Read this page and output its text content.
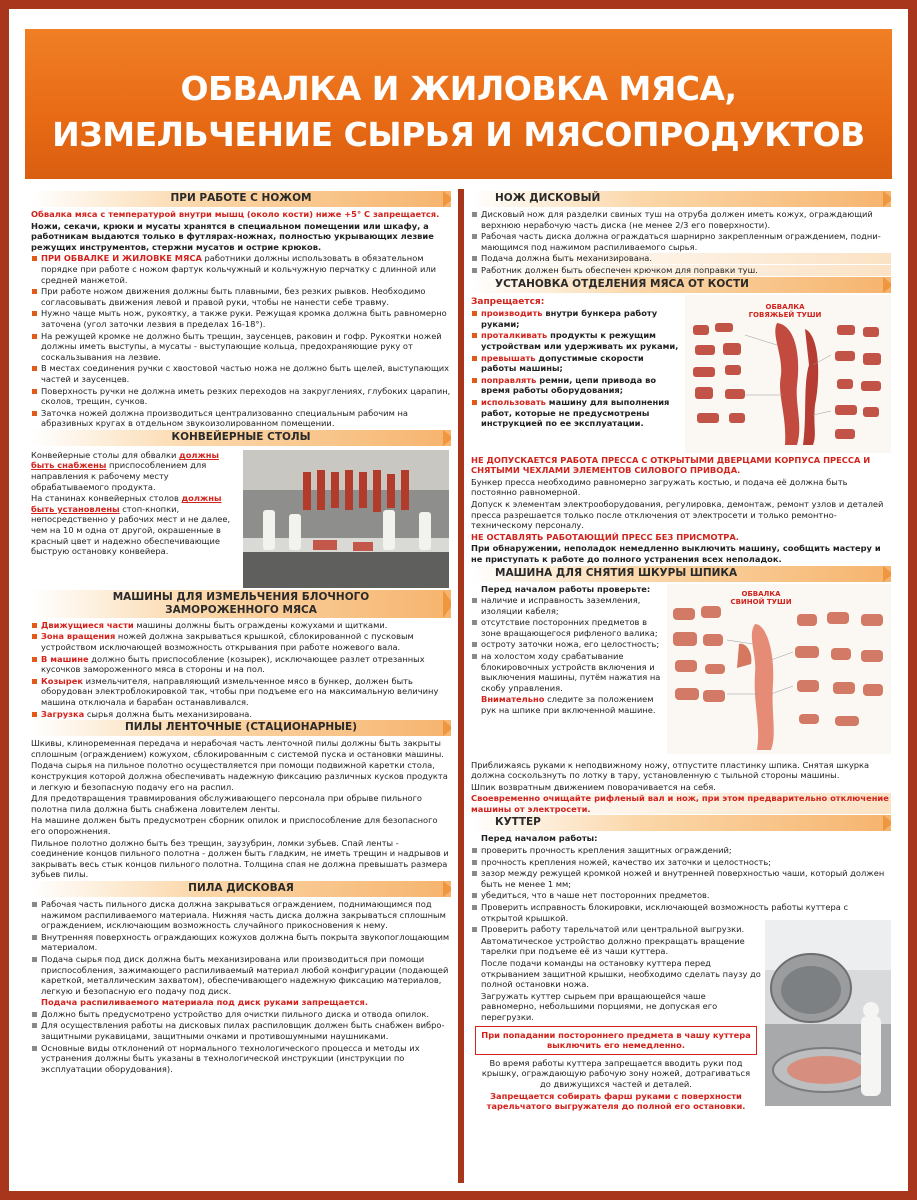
ОБВАЛКА И ЖИЛОВКА МЯСА,
ИЗМЕЛЬЧЕНИЕ СЫРЬЯ И МЯСОПРОДУКТОВ
ПРИ РАБОТЕ С НОЖОМ
Обвалка мяса с температурой внутри мышц (около кости) ниже +5° С запрещается.
Ножи, секачи, крюки и мусаты хранятся в специальном помещении или шкафу, а работникам выдаются только в футлярах-ножнах, полностью укрывающих лезвие режущих инструментов, стержни мусатов и острие крюков.
ПРИ ОБВАЛКЕ И ЖИЛОВКЕ МЯСА работники должны использовать в обязательном порядке при работе с ножом фартук кольчужный и кольчужную перчатку с длинной или средней манжетой.
При работе ножом движения должны быть плавными, без резких рывков. Необходимо согласовывать движения левой и правой руки, чтобы не нанести себе травму.
Нужно чаще мыть нож, рукоятку, а также руки. Режущая кромка должна быть равномерно заточена (угол заточки лезвия в пределах 16-18°).
На режущей кромке не должно быть трещин, заусенцев, раковин и гофр. Рукоятки ножей должны иметь выступы, а мусаты - выступающие кольца, предохраняющие руку от соскальзывания на лезвие.
В местах соединения ручки с хвостовой частью ножа не должно быть щелей, выступающих частей и заусенцев.
Поверхность ручки не должна иметь резких переходов на закруглениях, глубоких царапин, сколов, трещин, сучков.
Заточка ножей должна производиться централизованно специальным рабочим на абразивных кругах в отдельном звукоизолированном помещении.
КОНВЕЙЕРНЫЕ СТОЛЫ
Конвейерные столы для обвалки должны быть снабжены приспособлением для направления к рабочему месту обрабатываемого продукта.
На станинах конвейерных столов должны быть установлены стоп-кнопки, непосредственно у рабочих мест и не далее, чем на 10 м одна от другой, окрашенные в красный цвет и надежно обеспечивающие быструю остановку конвейера.
МАШИНЫ ДЛЯ ИЗМЕЛЬЧЕНИЯ БЛОЧНОГО
ЗАМОРОЖЕННОГО МЯСА
Движущиеся части машины должны быть ограждены кожухами и щитками.
Зона вращения ножей должна закрываться крышкой, сблокированной с пусковым устройством исключающей возможность открывания при работе ножевого вала.
В машине должно быть приспособление (козырек), исключающее разлет отрезанных кусочков замороженного мяса в стороны и на пол.
Козырек измельчителя, направляющий измельченное мясо в бункер, должен быть оборудован электроблокировкой так, чтобы при подъеме его на максимальную величину машина отключала и барабан останавливался.
Загрузка сырья должна быть механизирована.
ПИЛЫ ЛЕНТОЧНЫЕ (СТАЦИОНАРНЫЕ)
Шкивы, клиноременная передача и нерабочая часть ленточной пилы должны быть закрыты сплошным (ограждением) кожухом, сблокированным с системой пуска и остановки машины.
Подача сырья на пильное полотно осуществляется при помощи подвижной каретки стола, конструкция которой должна обеспечивать надежную фиксацию различных кусков продукта и легкую и безопасную подачу его на распил.
Для предотвращения травмирования обслуживающего персонала при обрыве пильного полотна пила должна быть снабжена ловителем ленты.
На машине должен быть предусмотрен сборник опилок и приспособление для безопасного его опорожнения.
Пильное полотно должно быть без трещин, заузубрин, ломки зубьев. Спай ленты - соединение концов пильного полотна - должен быть гладким, не иметь трещин и надрывов и закрывать весь стык концов пильного полотна. Толщина спая не должна превышать размера зубьев пилы.
ПИЛА ДИСКОВАЯ
Рабочая часть пильного диска должна закрываться ограждением, поднимающимся под нажимом распиливаемого материала. Нижняя часть диска должна закрываться сплошным ограждением, исключающим возможность случайного прикосновения к нему.
Внутренняя поверхность ограждающих кожухов должна быть покрыта звукопоглощающим материалом.
Подача сырья под диск должна быть механизирована или производиться при помощи приспособления, зажимающего распиливаемый материал любой конфигурации (подающей кареткой, металлическим захватом), обеспечивающего надежную фиксацию материалов, легкую и безопасную его подачу под диск.
Подача распиливаемого материала под диск руками запрещается.
Должно быть предусмотрено устройство для очистки пильного диска и отвода опилок.
Для осуществления работы на дисковых пилах распиловщик должен быть снабжен вибро-защитными рукавицами, защитными очками и противошумными наушниками.
Основные виды отклонений от нормального технологического процесса и методы их устранения должны быть указаны в технологической инструкции (инструкции по эксплуатации оборудования).
НОЖ ДИСКОВЫЙ
Дисковый нож для разделки свиных туш на отруба должен иметь кожух, ограждающий верхнюю нерабочую часть диска (не менее 2/3 его поверхности).
Рабочая часть диска должна ограждаться шарнирно закрепленным ограждением, подни-мающимся под нажимом распиливаемого сырья.
Подача должна быть механизирована.
Работник должен быть обеспечен крючком для поправки туш.
УСТАНОВКА ОТДЕЛЕНИЯ МЯСА ОТ КОСТИ
Запрещается:
производить внутри бункера работу руками;
проталкивать продукты к режущим устройствам или удерживать их руками,
превышать допустимые скорости работы машины;
поправлять ремни, цепи привода во время работы оборудования;
использовать машину для выполнения работ, которые не предусмотрены инструкцией по ее эксплуатации.
ОБВАЛКА
ГОВЯЖЬЕЙ ТУШИ
НЕ ДОПУСКАЕТСЯ РАБОТА ПРЕССА С ОТКРЫТЫМИ ДВЕРЦАМИ КОРПУСА ПРЕССА И СНЯТЫМИ ЧЕХЛАМИ ЭЛЕМЕНТОВ СИЛОВОГО ПРИВОДА.
Бункер пресса необходимо равномерно загружать костью, и подача её должна быть постоянно равномерной.
Допуск к элементам электрооборудования, регулировка, демонтаж, ремонт узлов и деталей пресса разрешается только после отключения от электросети и только ремонтно-техническому персоналу.
НЕ ОСТАВЛЯТЬ РАБОТАЮЩИЙ ПРЕСС БЕЗ ПРИСМОТРА.
При обнаружении, неполадок немедленно выключить машину, сообщить мастеру и не приступать к работе до полного устранения всех неполадок.
МАШИНА ДЛЯ СНЯТИЯ ШКУРЫ ШПИКА
Перед началом работы проверьте:
наличие и исправность заземления, изоляции кабеля;
отсутствие посторонних предметов в зоне вращающегося рифленого валика;
остроту заточки ножа, его целостность;
на холостом ходу срабатывание блокировочных устройств включения и выключения машины, путём нажатия на скобу управления.
Внимательно следите за положением рук на шпике при включенной машине.
ОБВАЛКА
СВИНОЙ ТУШИ
Приближаясь руками к неподвижному ножу, отпустите пластинку шпика. Снятая шкурка должна соскользнуть по лотку в тару, установленную с тыльной стороны машины.
Шпик возвратным движением поворачивается на себя.
Своевременно очищайте рифленый вал и нож, при этом предварительно отключение машины от электросети.
КУТТЕР
Перед началом работы:
проверить прочность крепления защитных ограждений;
прочность крепления ножей, качество их заточки и целостность;
зазор между режущей кромкой ножей и внутренней поверхностью чаши, который должен быть не менее 1 мм;
убедиться, что в чаше нет посторонних предметов.
Проверить исправность блокировки, исключающей возможность работы куттера с открытой крышкой.
Проверить работу тарельчатой или центральной выгрузки.
Автоматическое устройство должно прекращать вращение тарелки при подъеме её из чаши куттера.
После подачи команды на остановку куттера перед открыванием защитной крышки, необходимо сделать паузу до полной остановки ножа.
Загружать куттер сырьем при вращающейся чаше равномерно, небольшими порциями, не допуская его перегрузки.
При попадании постороннего предмета в чашу куттера
выключить его немедленно.
Во время работы куттера запрещается вводить руки под крышку, ограждающую рабочую зону ножей, дотрагиваться до движущихся частей и деталей.
Запрещается собирать фарш руками с поверхности тарельчатого выгружателя до полной его остановки.
